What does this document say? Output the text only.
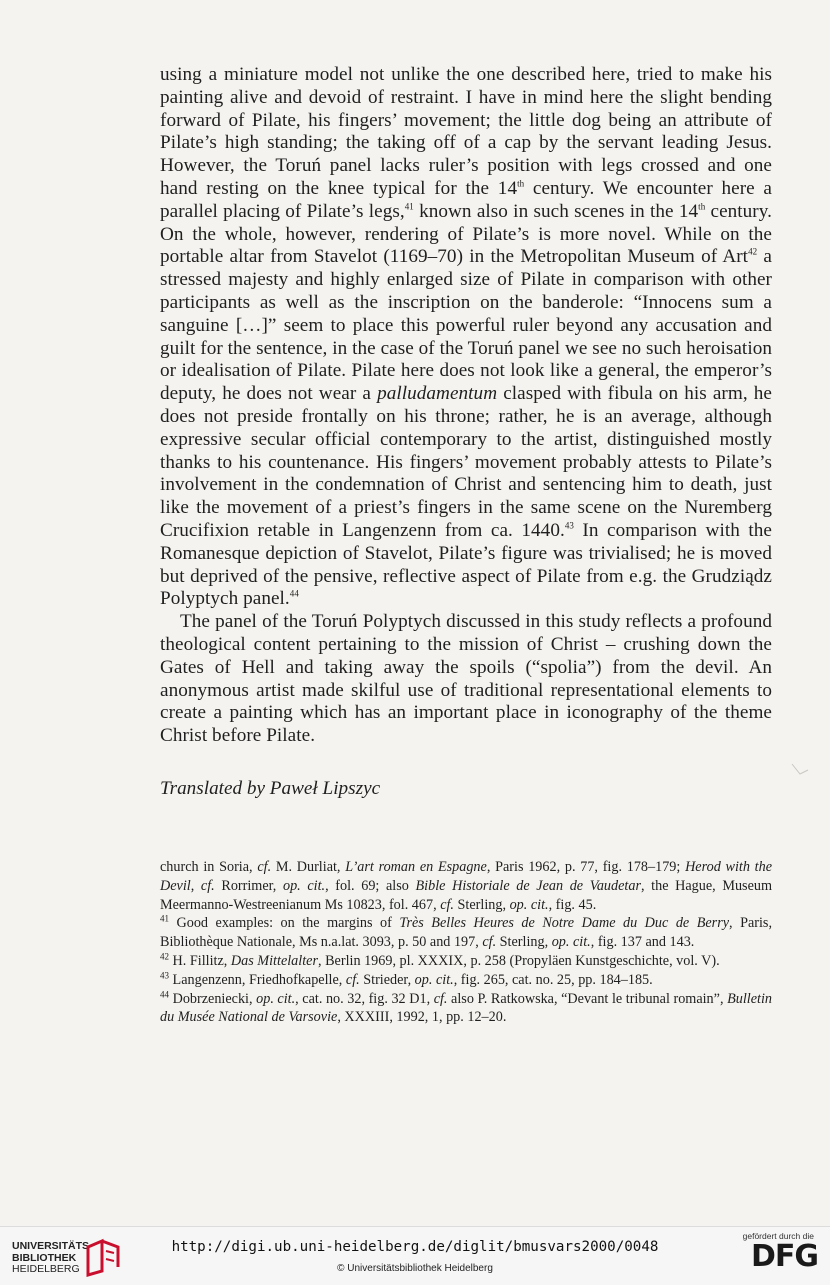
using a miniature model not unlike the one described here, tried to make his painting alive and devoid of restraint. I have in mind here the slight bending forward of Pilate, his fingers’ movement; the little dog being an attribute of Pilate’s high standing; the taking off of a cap by the servant leading Jesus. However, the Toruń panel lacks ruler’s position with legs crossed and one hand resting on the knee typical for the 14th century. We encounter here a parallel placing of Pilate’s legs,$^{41}$ known also in such scenes in the 14th century. On the whole, however, rendering of Pilate’s is more novel. While on the portable altar from Stavelot (1169–70) in the Metropolitan Museum of Art$^{42}$ a stressed majesty and highly enlarged size of Pilate in comparison with other participants as well as the inscription on the banderole: “Innocens sum a sanguine […]” seem to place this powerful ruler beyond any accusation and guilt for the sentence, in the case of the Toruń panel we see no such heroisation or idealisation of Pilate. Pilate here does not look like a general, the emperor’s deputy, he does not wear a palludamentum clasped with fibula on his arm, he does not preside frontally on his throne; rather, he is an average, although expressive secular official contemporary to the artist, distinguished mostly thanks to his countenance. His fingers’ movement probably attests to Pilate’s involvement in the condemnation of Christ and sentencing him to death, just like the movement of a priest’s fingers in the same scene on the Nuremberg Crucifixion retable in Langenzenn from ca. 1440.43 In comparison with the Romanesque depiction of Stavelot, Pilate’s figure was trivialised; he is moved but deprived of the pensive, reflective aspect of Pilate from e.g. the Grudziądz Polyptych panel.$^{44}$

The panel of the Toruń Polyptych discussed in this study reflects a profound theological content pertaining to the mission of Christ – crushing down the Gates of Hell and taking away the spoils (“spolia”) from the devil. An anonymous artist made skilful use of traditional representational elements to create a painting which has an important place in iconography of the theme Christ before Pilate.

Translated by Paweł Lipszyc

church in Soria, cf. M. Durliat, L’art roman en Espagne, Paris 1962, p. 77, fig. 178–179; Herod with the Devil, cf. Rorrimer, op. cit., fol. 69; also Bible Historiale de Jean de Vaudetar, the Hague, Museum Meermanno-Westreenianum Ms 10823, fol. 467, cf. Sterling, op. cit., fig. 45.

$^{41}$ Good examples: on the margins of Très Belles Heures de Notre Dame du Duc de Berry, Paris, Bibliothèque Nationale, Ms n.a.lat. 3093, p. 50 and 197, cf. Sterling, op. cit., fig. 137 and 143.

$^{42}$ H. Fillitz, Das Mittelalter, Berlin 1969, pl. XXXIX, p. 258 (Propyläen Kunstgeschichte, vol. V).

$^{43}$ Langenzenn, Friedhofkapelle, cf. Strieder, op. cit., fig. 265, cat. no. 25, pp. 184–185.

$^{44}$ Dobrzeniecki, op. cit., cat. no. 32, fig. 32 D1, cf. also P. Ratkowska, “Devant le tribunal romain”, Bulletin du Musée National de Varsovie, XXXIII, 1992, 1, pp. 12–20.

UNIVERSITÄTS-
BIBLIOTHEK
HEIDELBERG
http://digi.ub.uni-heidelberg.de/diglit/bmusvars2000/0048
© Universitätsbibliothek Heidelberg
gefördert durch die
DFG
